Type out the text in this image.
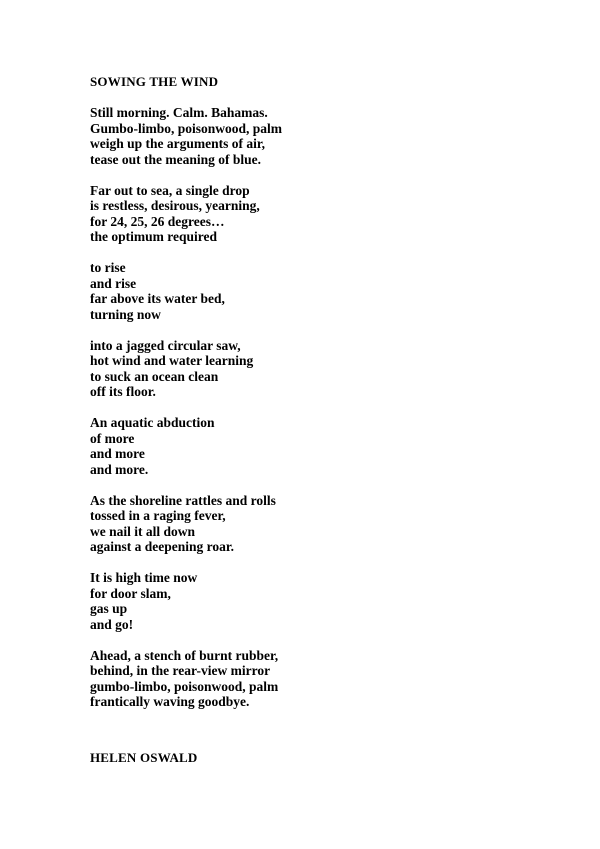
SOWING THE WIND
Still morning. Calm. Bahamas.
Gumbo-limbo, poisonwood, palm
weigh up the arguments of air,
tease out the meaning of blue.
Far out to sea, a single drop
is restless, desirous, yearning,
for 24, 25, 26 degrees…
the optimum required
to rise
and rise
far above its water bed,
turning now
into a jagged circular saw,
hot wind and water learning
to suck an ocean clean
off its floor.
An aquatic abduction
of more
and more
and more.
As the shoreline rattles and rolls
tossed in a raging fever,
we nail it all down
against a deepening roar.
It is high time now
for door slam,
gas up
and go!
Ahead, a stench of burnt rubber,
behind, in the rear-view mirror
gumbo-limbo, poisonwood, palm
frantically waving goodbye.

HELEN OSWALD
